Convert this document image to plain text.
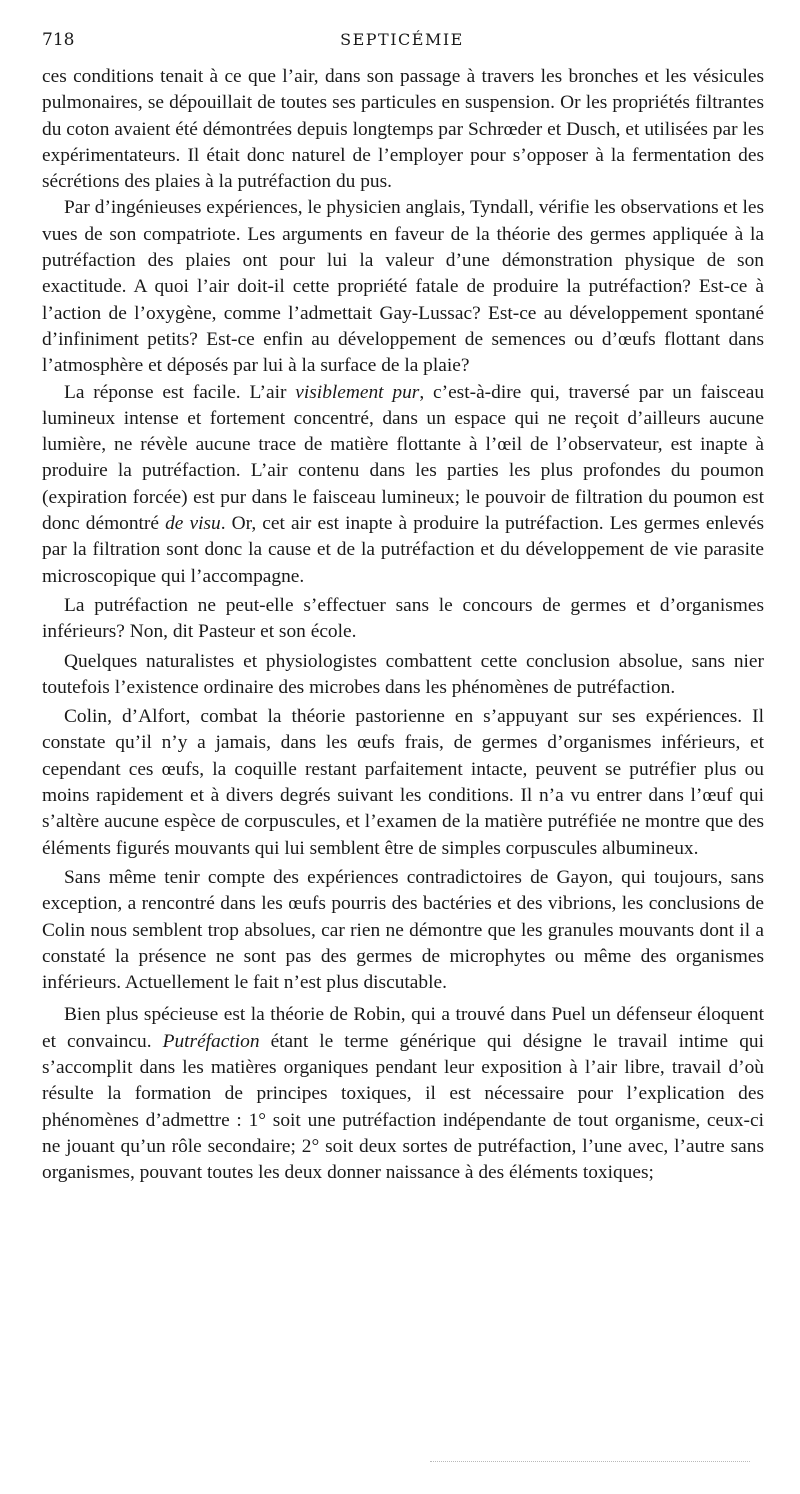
718	SEPTICÉMIE

ces conditions tenait à ce que l’air, dans son passage à travers les bronches et les vésicules pulmonaires, se dépouillait de toutes ses particules en suspension. Or les propriétés filtrantes du coton avaient été démontrées depuis longtemps par Schrœder et Dusch, et utilisées par les expérimentateurs. Il était donc naturel de l’employer pour s’opposer à la fermentation des sécrétions des plaies à la putréfaction du pus.

Par d’ingénieuses expériences, le physicien anglais, Tyndall, vérifie les observations et les vues de son compatriote. Les arguments en faveur de la théorie des germes appliquée à la putréfaction des plaies ont pour lui la valeur d’une démonstration physique de son exactitude. A quoi l’air doit-il cette propriété fatale de produire la putréfaction? Est-ce à l’action de l’oxygène, comme l’admettait Gay-Lussac? Est-ce au développement spontané d’infiniment petits? Est-ce enfin au développement de semences ou d’œufs flottant dans l’atmosphère et déposés par lui à la surface de la plaie?

La réponse est facile. L’air visiblement pur, c’est-à-dire qui, traversé par un faisceau lumineux intense et fortement concentré, dans un espace qui ne reçoit d’ailleurs aucune lumière, ne révèle aucune trace de matière flottante à l’œil de l’observateur, est inapte à produire la putréfaction. L’air contenu dans les parties les plus profondes du poumon (expiration forcée) est pur dans le faisceau lumineux; le pouvoir de filtration du poumon est donc démontré de visu. Or, cet air est inapte à produire la putréfaction. Les germes enlevés par la filtration sont donc la cause et de la putréfaction et du développement de vie parasite microscopique qui l’accompagne.

La putréfaction ne peut-elle s’effectuer sans le concours de germes et d’organismes inférieurs? Non, dit Pasteur et son école.

Quelques naturalistes et physiologistes combattent cette conclusion absolue, sans nier toutefois l’existence ordinaire des microbes dans les phénomènes de putréfaction.

Colin, d’Alfort, combat la théorie pastorienne en s’appuyant sur ses expériences. Il constate qu’il n’y a jamais, dans les œufs frais, de germes d’organismes inférieurs, et cependant ces œufs, la coquille restant parfaitement intacte, peuvent se putréfier plus ou moins rapidement et à divers degrés suivant les conditions. Il n’a vu entrer dans l’œuf qui s’altère aucune espèce de corpuscules, et l’examen de la matière putréfiée ne montre que des éléments figurés mouvants qui lui semblent être de simples corpuscules albumineux.

Sans même tenir compte des expériences contradictoires de Gayon, qui toujours, sans exception, a rencontré dans les œufs pourris des bactéries et des vibrions, les conclusions de Colin nous semblent trop absolues, car rien ne démontre que les granules mouvants dont il a constaté la présence ne sont pas des germes de microphytes ou même des organismes inférieurs. Actuellement le fait n’est plus discutable.

Bien plus spécieuse est la théorie de Robin, qui a trouvé dans Puel un défenseur éloquent et convaincu. Putréfaction étant le terme générique qui désigne le travail intime qui s’accomplit dans les matières organiques pendant leur exposition à l’air libre, travail d’où résulte la formation de principes toxiques, il est nécessaire pour l’explication des phénomènes d’admettre : 1° soit une putréfaction indépendante de tout organisme, ceux-ci ne jouant qu’un rôle secondaire; 2° soit deux sortes de putréfaction, l’une avec, l’autre sans organismes, pouvant toutes les deux donner naissance à des éléments toxiques;
